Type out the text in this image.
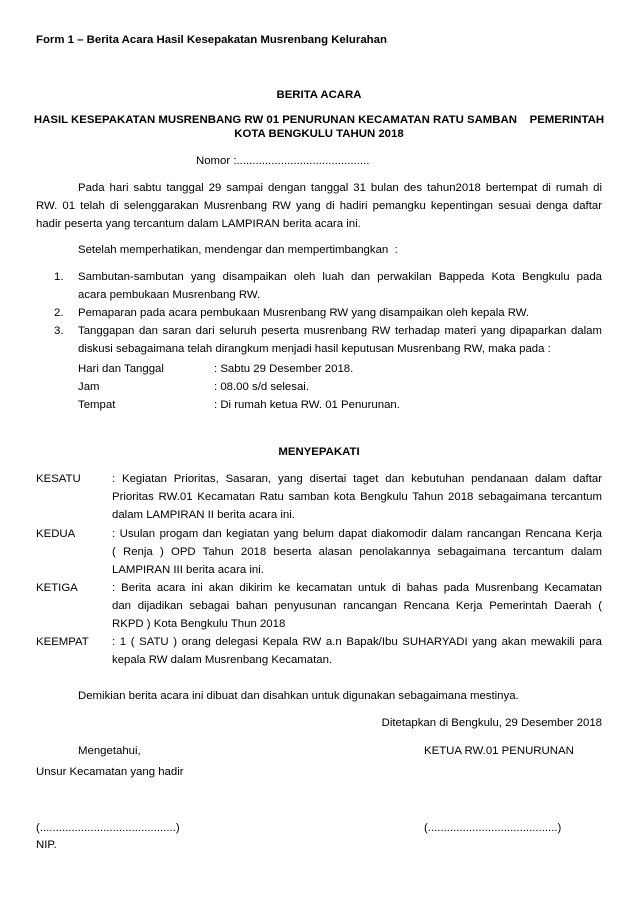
Form 1 – Berita Acara Hasil Kesepakatan Musrenbang Kelurahan
BERITA ACARA
HASIL KESEPAKATAN MUSRENBANG RW 01 PENURUNAN KECAMATAN RATU SAMBAN    PEMERINTAH
KOTA BENGKULU TAHUN 2018
Nomor :..........................................
Pada hari sabtu tanggal 29 sampai dengan tanggal 31 bulan des tahun2018 bertempat di rumah di
RW. 01 telah di selenggarakan Musrenbang RW yang di hadiri pemangku kepentingan sesuai denga daftar
hadir peserta yang tercantum dalam LAMPIRAN berita acara ini.
Setelah memperhatikan, mendengar dan mempertimbangkan  :
1. Sambutan-sambutan yang disampaikan oleh luah dan perwakilan Bappeda Kota Bengkulu pada
acara pembukaan Musrenbang RW.
2. Pemaparan pada acara pembukaan Musrenbang RW yang disampaikan oleh kepala RW.
3. Tanggapan dan saran dari seluruh peserta musrenbang RW terhadap materi yang dipaparkan dalam
diskusi sebagaimana telah dirangkum menjadi hasil keputusan Musrenbang RW, maka pada :
Hari dan Tanggal	: Sabtu 29 Desember 2018.
Jam	: 08.00 s/d selesai.
Tempat	: Di rumah ketua RW. 01 Penurunan.
MENYEPAKATI
KESATU	: Kegiatan Prioritas, Sasaran, yang disertai taget dan kebutuhan pendanaan dalam daftar
Prioritas RW.01 Kecamatan Ratu samban kota Bengkulu Tahun 2018 sebagaimana tercantum
dalam LAMPIRAN II berita acara ini.
KEDUA	: Usulan progam dan kegiatan yang belum dapat diakomodir dalam rancangan Rencana Kerja
( Renja ) OPD Tahun 2018 beserta alasan penolakannya sebagaimana tercantum dalam
LAMPIRAN III berita acara ini.
KETIGA	: Berita acara ini akan dikirim ke kecamatan untuk di bahas pada Musrenbang Kecamatan
dan dijadikan sebagai bahan penyusunan rancangan Rencana Kerja Pemerintah Daerah (
RKPD ) Kota Bengkulu Thun 2018
KEEMPAT : 1 ( SATU ) orang delegasi Kepala RW a.n Bapak/Ibu SUHARYADI yang akan mewakili para
kepala RW dalam Musrenbang Kecamatan.
Demikian berita acara ini dibuat dan disahkan untuk digunakan sebagaimana mestinya.
Ditetapkan di Bengkulu, 29 Desember 2018
Mengetahui,	KETUA RW.01 PENURUNAN
Unsur Kecamatan yang hadir
(...........................................)	(.........................................)
NIP.
